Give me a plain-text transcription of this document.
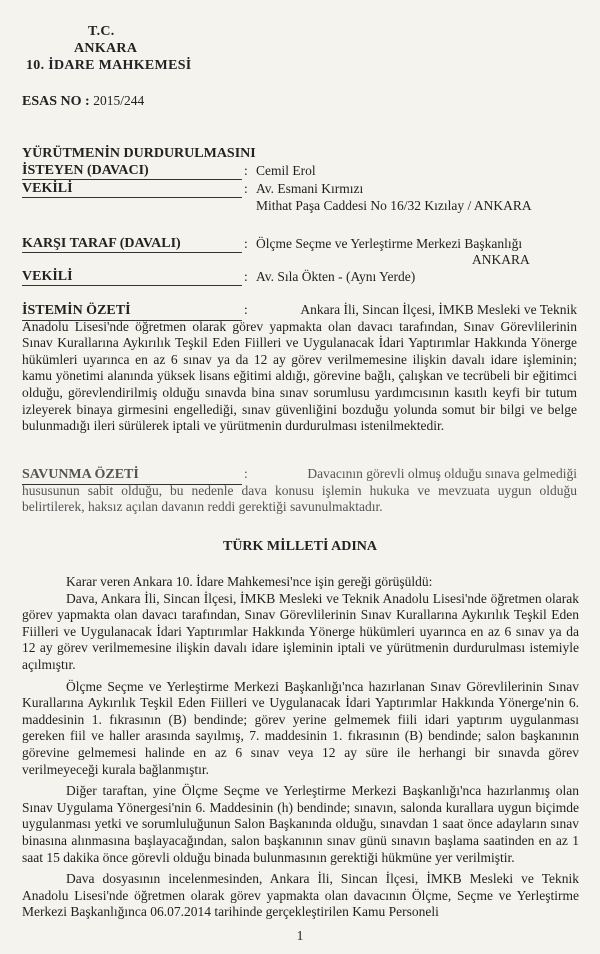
T.C.
ANKARA
10. İDARE MAHKEMESİ
ESAS NO : 2015/244
YÜRÜTMENİN DURDURULMASINI
İSTEYEN (DAVACI)	: Cemil Erol
VEKİLİ	: Av. Esmani Kırmızı
Mithat Paşa Caddesi No 16/32 Kızılay / ANKARA
KARŞI TARAF (DAVALI)	: Ölçme Seçme ve Yerleştirme Merkezi Başkanlığı
ANKARA
VEKİLİ	: Av. Sıla Ökten - (Aynı Yerde)
İSTEMİN ÖZETİ	:	Ankara İli, Sincan İlçesi, İMKB Mesleki ve Teknik
Anadolu Lisesi'nde öğretmen olarak görev yapmakta olan davacı tarafından, Sınav Görevlilerinin Sınav Kurallarına Aykırılık Teşkil Eden Fiilleri ve Uygulanacak İdari Yaptırımlar Hakkında Yönerge hükümleri uyarınca en az 6 sınav ya da 12 ay görev verilmemesine ilişkin davalı idare işleminin; kamu yönetimi alanında yüksek lisans eğitimi aldığı, görevine bağlı, çalışkan ve tecrübeli bir eğitimci olduğu, görevlendirilmiş olduğu sınavda bina sınav sorumlusu yardımcısının kasıtlı keyfi bir tutum izleyerek binaya girmesini engellediği, sınav güvenliğini bozduğu yolunda somut bir bilgi ve belge bulunmadığı ileri sürülerek iptali ve yürütmenin durdurulması istenilmektedir.
SAVUNMA ÖZETİ	:	Davacının görevli olmuş olduğu sınava gelmediği
hususunun sabit olduğu, bu nedenle dava konusu işlemin hukuka ve mevzuata uygun olduğu belirtilerek, haksız açılan davanın reddi gerektiği savunulmaktadır.
TÜRK MİLLETİ ADINA
Karar veren Ankara 10. İdare Mahkemesi'nce işin gereği görüşüldü:
Dava, Ankara İli, Sincan İlçesi, İMKB Mesleki ve Teknik Anadolu Lisesi'nde öğretmen olarak görev yapmakta olan davacı tarafından, Sınav Görevlilerinin Sınav Kurallarına Aykırılık Teşkil Eden Fiilleri ve Uygulanacak İdari Yaptırımlar Hakkında Yönerge hükümleri uyarınca en az 6 sınav ya da 12 ay görev verilmemesine ilişkin davalı idare işleminin iptali ve yürütmenin durdurulması istemiyle açılmıştır.
Ölçme Seçme ve Yerleştirme Merkezi Başkanlığı'nca hazırlanan Sınav Görevlilerinin Sınav Kurallarına Aykırılık Teşkil Eden Fiilleri ve Uygulanacak İdari Yaptırımlar Hakkında Yönerge'nin 6. maddesinin 1. fıkrasının (B) bendinde; görev yerine gelmemek fiili idari yaptırım uygulanması gereken fiil ve haller arasında sayılmış, 7. maddesinin 1. fıkrasının (B) bendinde; salon başkanının görevine gelmemesi halinde en az 6 sınav veya 12 ay süre ile herhangi bir sınavda görev verilmeyeceği kurala bağlanmıştır.
Diğer taraftan, yine Ölçme Seçme ve Yerleştirme Merkezi Başkanlığı'nca hazırlanmış olan Sınav Uygulama Yönergesi'nin 6. Maddesinin (h) bendinde; sınavın, salonda kurallara uygun biçimde uygulanması yetki ve sorumluluğunun Salon Başkanında olduğu, sınavdan 1 saat önce adayların sınav binasına alınmasına başlayacağından, salon başkanının sınav günü sınavın başlama saatinden en az 1 saat 15 dakika önce görevli olduğu binada bulunmasının gerektiği hükmüne yer verilmiştir.
Dava dosyasının incelenmesinden, Ankara İli, Sincan İlçesi, İMKB Mesleki ve Teknik Anadolu Lisesi'nde öğretmen olarak görev yapmakta olan davacının Ölçme, Seçme ve Yerleştirme Merkezi Başkanlığınca 06.07.2014 tarihinde gerçekleştirilen Kamu Personeli
1
